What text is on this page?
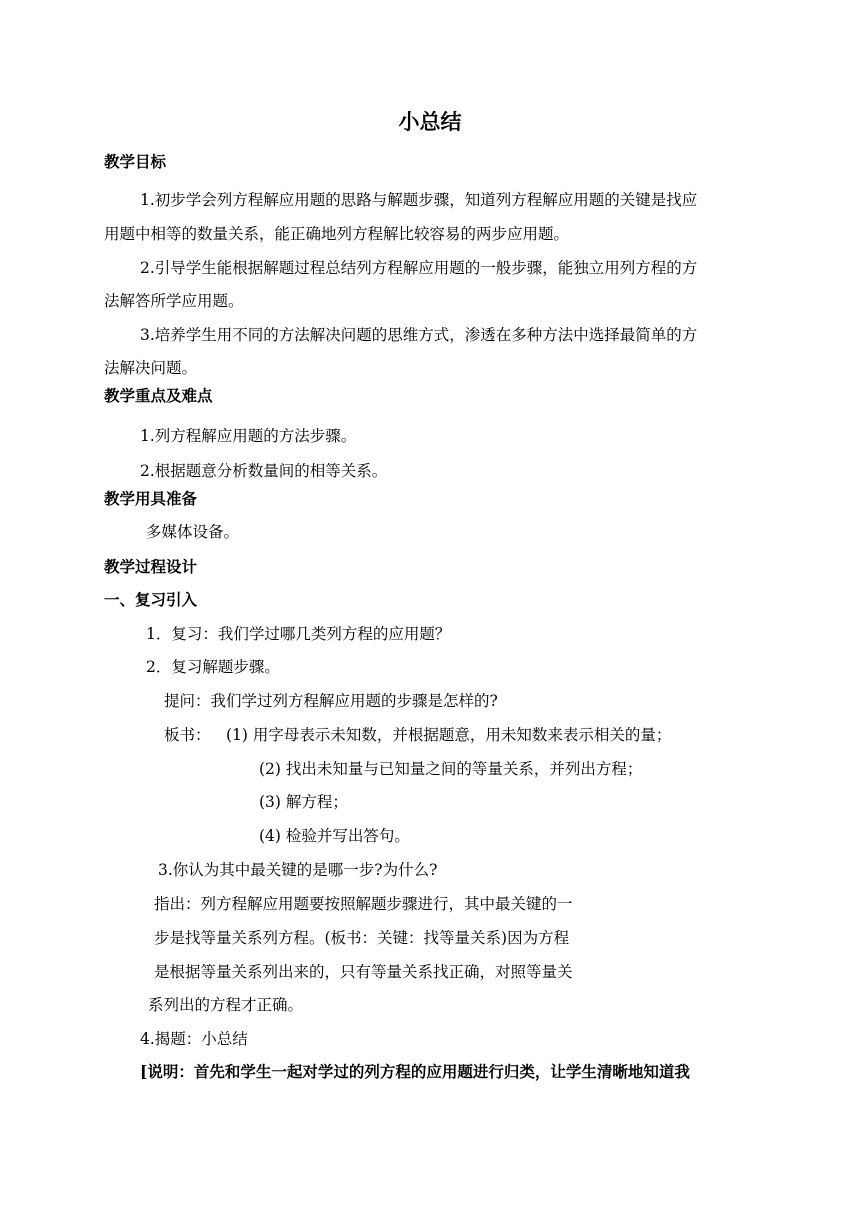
小总结
教学目标
1.初步学会列方程解应用题的思路与解题步骤，知道列方程解应用题的关键是找应
用题中相等的数量关系，能正确地列方程解比较容易的两步应用题。
2.引导学生能根据解题过程总结列方程解应用题的一般步骤，能独立用列方程的方
法解答所学应用题。
3.培养学生用不同的方法解决问题的思维方式，渗透在多种方法中选择最简单的方
法解决问题。
教学重点及难点
1.列方程解应用题的方法步骤。
2.根据题意分析数量间的相等关系。
教学用具准备
多媒体设备。
教学过程设计
一、复习引入
1．复习：我们学过哪几类列方程的应用题？
2．复习解题步骤。
提问：我们学过列方程解应用题的步骤是怎样的?
板书： (1) 用字母表示未知数，并根据题意，用未知数来表示相关的量；
(2) 找出未知量与已知量之间的等量关系，并列出方程；
(3) 解方程；
(4) 检验并写出答句。
3.你认为其中最关键的是哪一步?为什么?
指出：列方程解应用题要按照解题步骤进行，其中最关键的一
步是找等量关系列方程。(板书：关键：找等量关系)因为方程
是根据等量关系列出来的，只有等量关系找正确，对照等量关
系列出的方程才正确。
4.揭题：小总结
[说明：首先和学生一起对学过的列方程的应用题进行归类，让学生清晰地知道我
